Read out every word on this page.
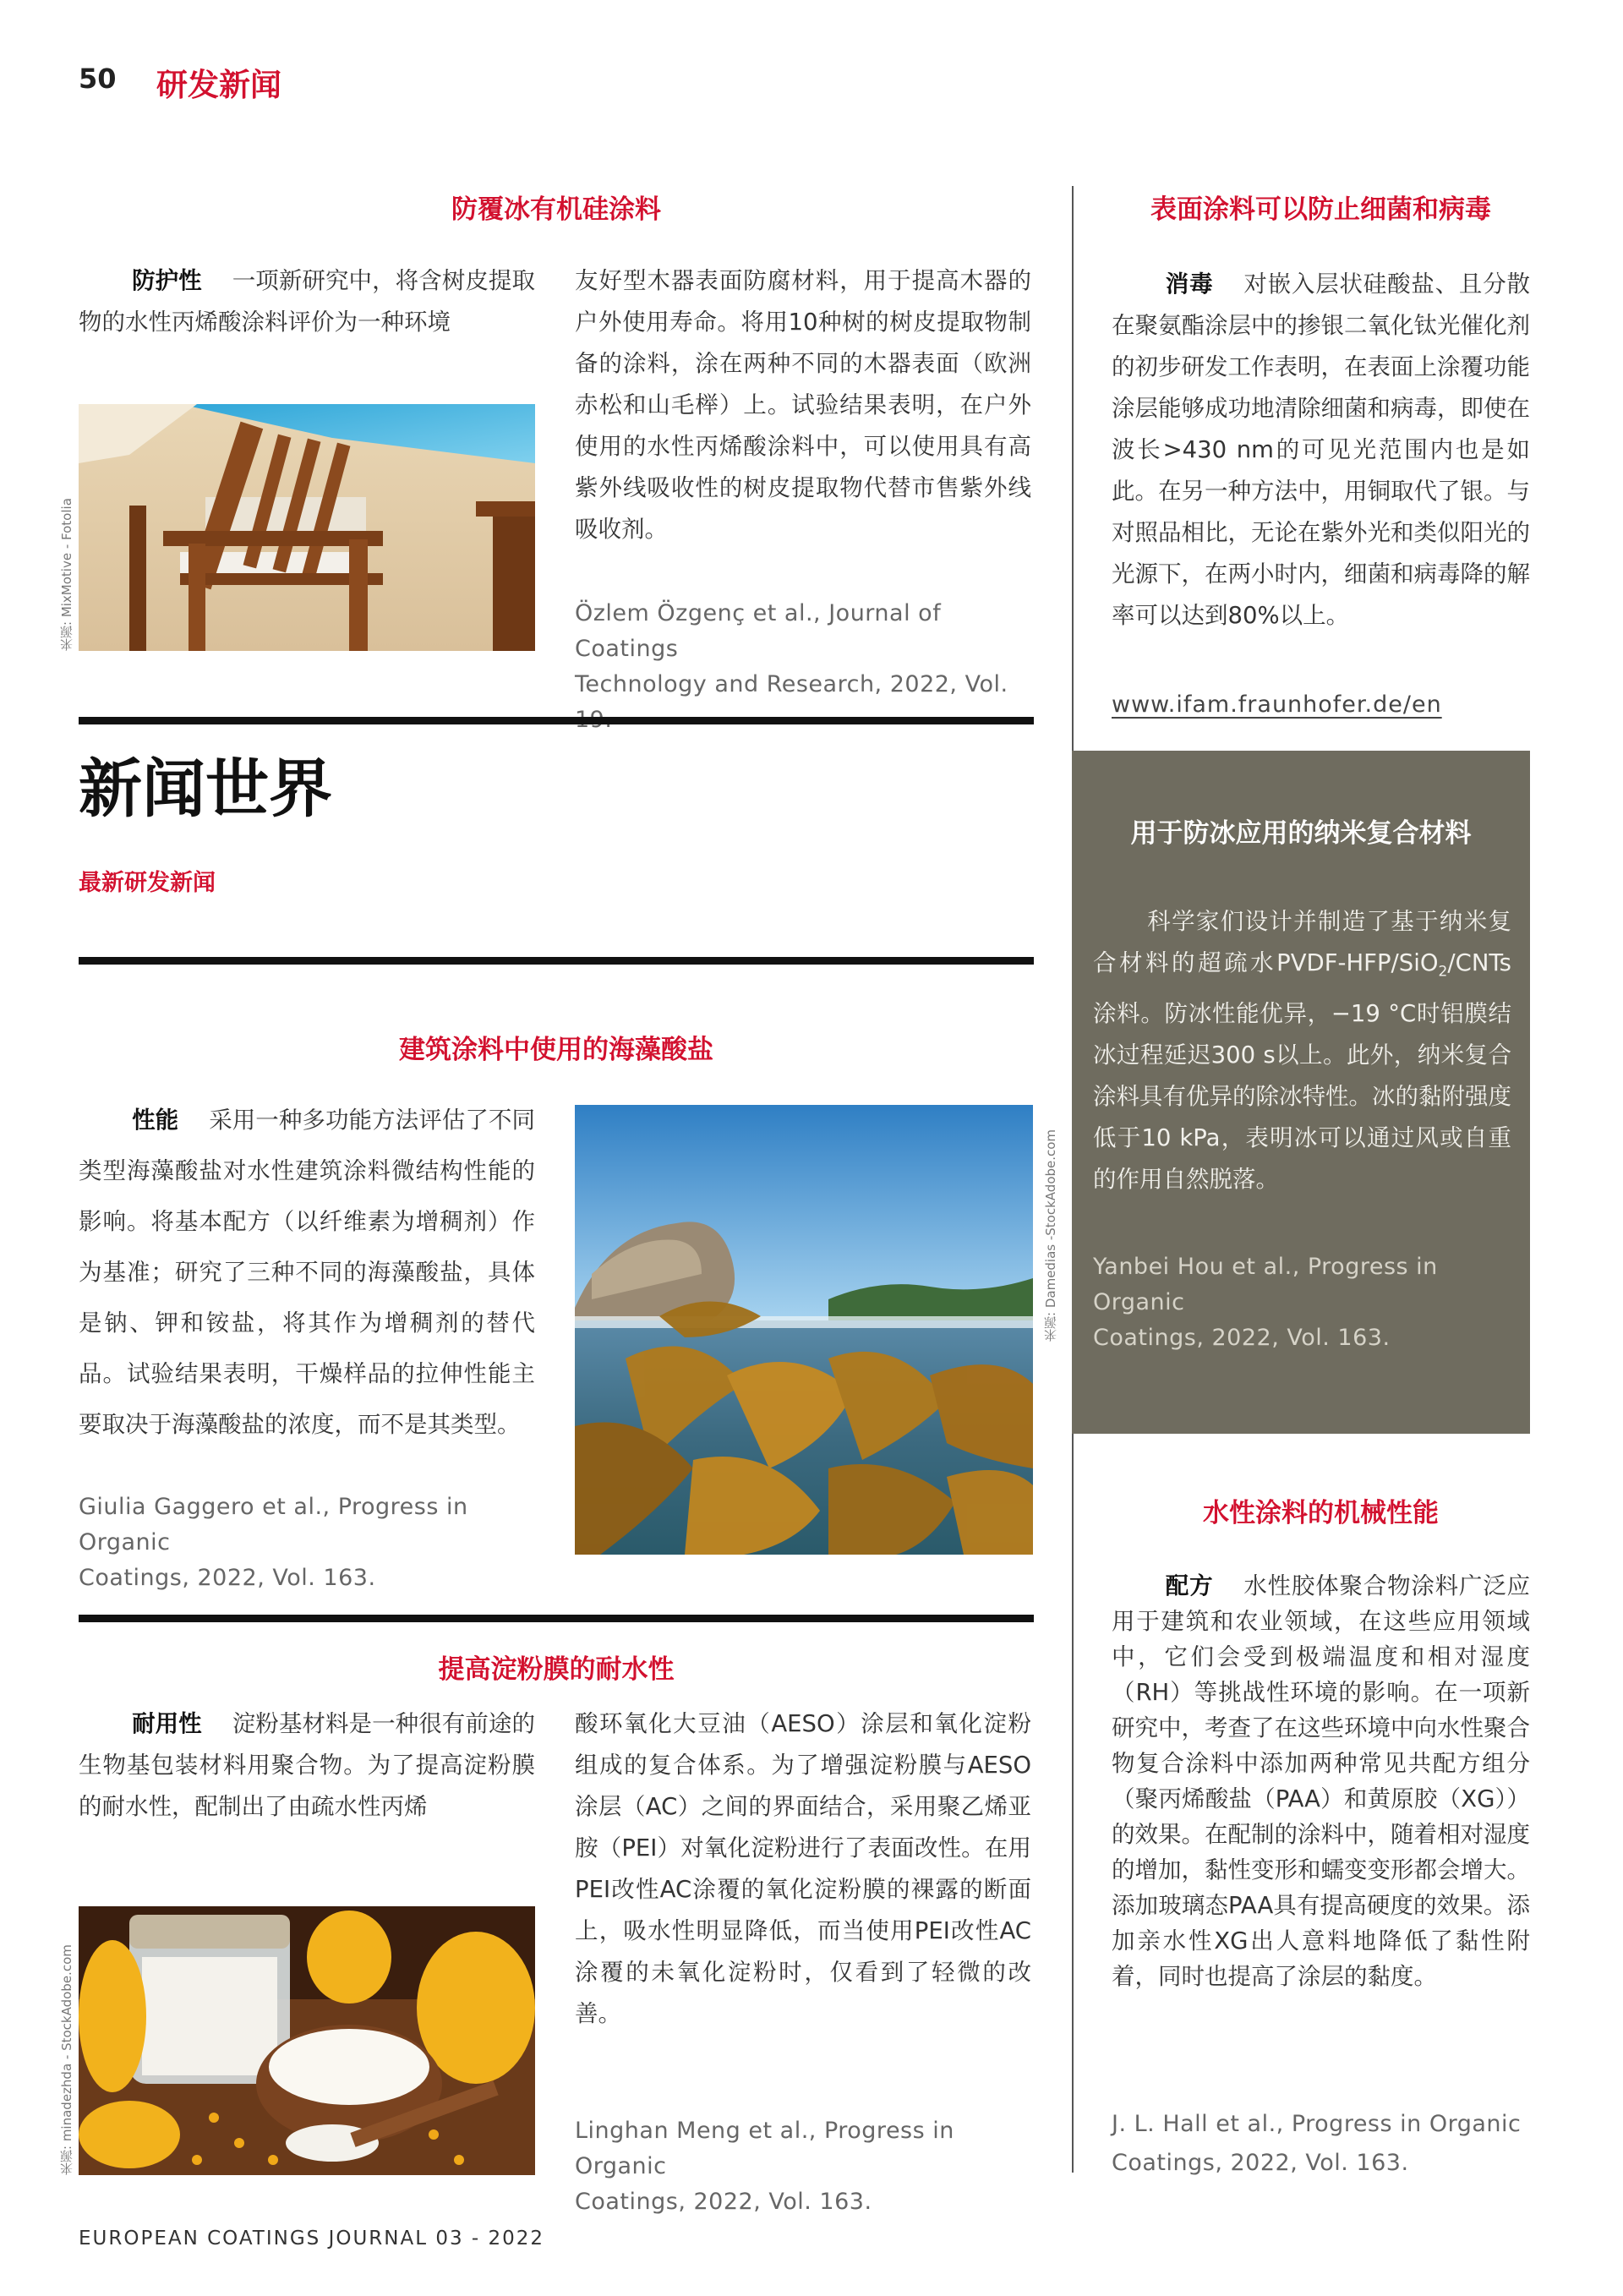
50 研发新闻
防覆冰有机硅涂料
防护性 一项新研究中，将含树皮提取物的水性丙烯酸涂料评价为一种环境
来源: MixMotive - Fotolia
友好型木器表面防腐材料，用于提高木器的户外使用寿命。将用10种树的树皮提取物制备的涂料，涂在两种不同的木器表面（欧洲赤松和山毛榉）上。试验结果表明，在户外使用的水性丙烯酸涂料中，可以使用具有高紫外线吸收性的树皮提取物代替市售紫外线吸收剂。
Özlem Özgenç et al., Journal of Coatings
Technology and Research, 2022, Vol.
表面涂料可以防止细菌和病毒
消毒 对嵌入层状硅酸盐、且分散在聚氨酯涂层中的掺银二氧化钛光催化剂的初步研发工作表明，在表面上涂覆功能涂层能够成功地清除细菌和病毒，即使在波长>430 nm的可见光范围内也是如此。在另一种方法中，用铜取代了银。与对照品相比，无论在紫外光和类似阳光的光源下，在两小时内，细菌和病毒降的解率可以达到80%以上。
www.ifam.fraunhofer.de/en
新闻世界
最新研发新闻
建筑涂料中使用的海藻酸盐
性能 采用一种多功能方法评估了不同类型海藻酸盐对水性建筑涂料微结构性能的影响。将基本配方（以纤维素为增稠剂）作为基准；研究了三种不同的海藻酸盐，具体是钠、钾和铵盐，将其作为增稠剂的替代品。试验结果表明，干燥样品的拉伸性能主要取决于海藻酸盐的浓度，而不是其类型。
Giulia Gaggero et al., Progress in Organic
Coatings, 2022, Vol. 163.
来源: Damedias -StockAdobe.com
用于防冰应用的纳米复合材料
科学家们设计并制造了基于纳米复合材料的超疏水PVDF-HFP/SiO$_2$/CNTs涂料。防冰性能优异，−19 °C时铝膜结冰过程延迟300 s以上。此外，纳米复合涂料具有优异的除冰特性。冰的黏附强度低于10 kPa，表明冰可以通过风或自重的作用自然脱落。
Yanbei Hou et al., Progress in Organic
Coatings, 2022, Vol. 163.
提高淀粉膜的耐水性
耐用性 淀粉基材料是一种很有前途的生物基包装材料用聚合物。为了提高淀粉膜的耐水性，配制出了由疏水性丙烯
来源: minadezhda - StockAdobe.com
酸环氧化大豆油（AESO）涂层和氧化淀粉组成的复合体系。为了增强淀粉膜与AESO涂层（AC）之间的界面结合，采用聚乙烯亚胺（PEI）对氧化淀粉进行了表面改性。在用PEI改性AC涂覆的氧化淀粉膜的裸露的断面上，吸水性明显降低，而当使用PEI改性AC涂覆的未氧化淀粉时，仅看到了轻微的改善。
Linghan Meng et al., Progress in Organic
Coatings, 2022, Vol. 163.
水性涂料的机械性能
配方 水性胶体聚合物涂料广泛应用于建筑和农业领域，在这些应用领域中，它们会受到极端温度和相对湿度（RH）等挑战性环境的影响。在一项新研究中，考查了在这些环境中向水性聚合物复合涂料中添加两种常见共配方组分（聚丙烯酸盐（PAA）和黄原胶（XG））的效果。在配制的涂料中，随着相对湿度的增加，黏性变形和蠕变变形都会增大。添加玻璃态PAA具有提高硬度的效果。添加亲水性XG出人意料地降低了黏性附着，同时也提高了涂层的黏度。
J. L. Hall et al., Progress in Organic
Coatings, 2022, Vol. 163.
EUROPEAN COATINGS JOURNAL 03 - 2022
